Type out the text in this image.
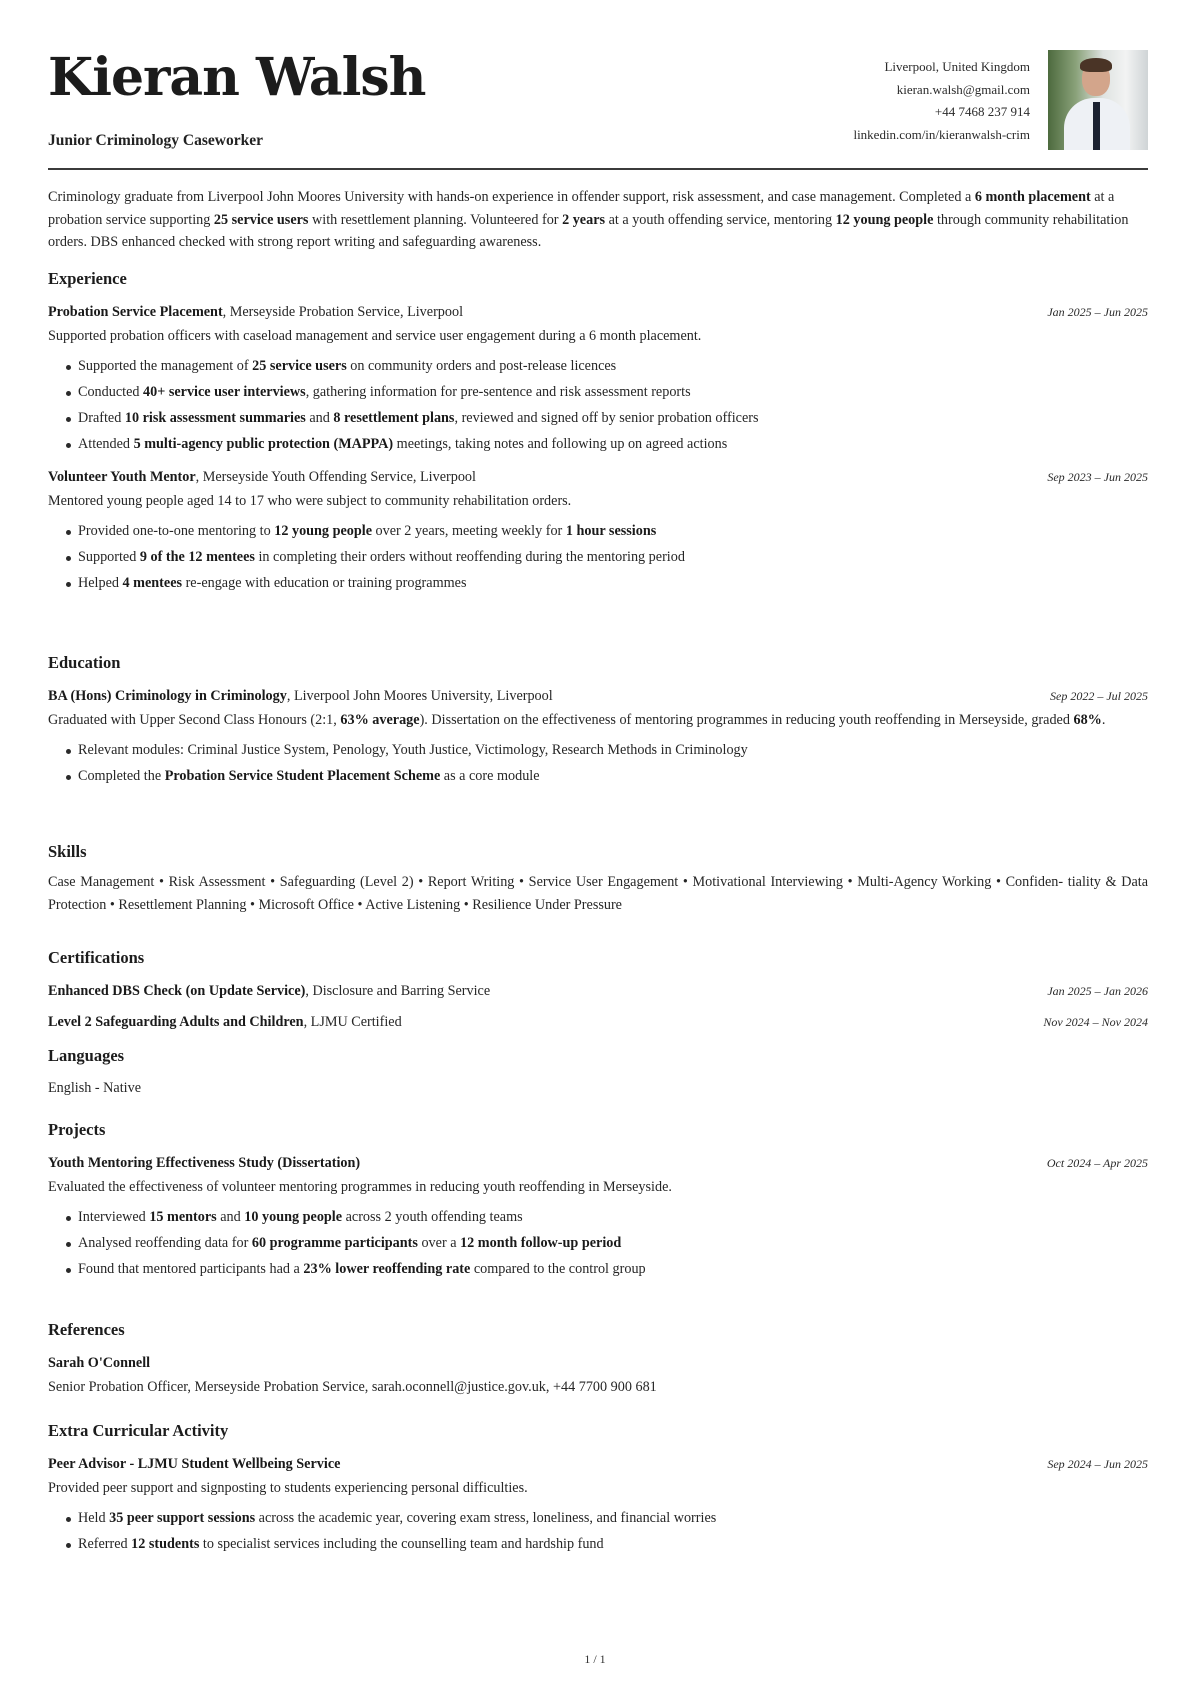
Kieran Walsh
Junior Criminology Caseworker
Liverpool, United Kingdom
kieran.walsh@gmail.com
+44 7468 237 914
linkedin.com/in/kieranwalsh-crim
Criminology graduate from Liverpool John Moores University with hands-on experience in offender support, risk assessment, and case management. Completed a 6 month placement at a probation service supporting 25 service users with resettlement planning. Volunteered for 2 years at a youth offending service, mentoring 12 young people through community rehabilitation orders. DBS enhanced checked with strong report writing and safeguarding awareness.
Experience
Probation Service Placement, Merseyside Probation Service, Liverpool	Jan 2025 – Jun 2025
Supported probation officers with caseload management and service user engagement during a 6 month placement.
Supported the management of 25 service users on community orders and post-release licences
Conducted 40+ service user interviews, gathering information for pre-sentence and risk assessment reports
Drafted 10 risk assessment summaries and 8 resettlement plans, reviewed and signed off by senior probation officers
Attended 5 multi-agency public protection (MAPPA) meetings, taking notes and following up on agreed actions
Volunteer Youth Mentor, Merseyside Youth Offending Service, Liverpool	Sep 2023 – Jun 2025
Mentored young people aged 14 to 17 who were subject to community rehabilitation orders.
Provided one-to-one mentoring to 12 young people over 2 years, meeting weekly for 1 hour sessions
Supported 9 of the 12 mentees in completing their orders without reoffending during the mentoring period
Helped 4 mentees re-engage with education or training programmes
Education
BA (Hons) Criminology in Criminology, Liverpool John Moores University, Liverpool	Sep 2022 – Jul 2025
Graduated with Upper Second Class Honours (2:1, 63% average). Dissertation on the effectiveness of mentoring programmes in reducing youth reoffending in Merseyside, graded 68%.
Relevant modules: Criminal Justice System, Penology, Youth Justice, Victimology, Research Methods in Criminology
Completed the Probation Service Student Placement Scheme as a core module
Skills
Case Management • Risk Assessment • Safeguarding (Level 2) • Report Writing • Service User Engagement • Motivational Interviewing • Multi-Agency Working • Confiden- tiality & Data Protection • Resettlement Planning • Microsoft Office • Active Listening • Resilience Under Pressure
Certifications
Enhanced DBS Check (on Update Service), Disclosure and Barring Service	Jan 2025 – Jan 2026
Level 2 Safeguarding Adults and Children, LJMU Certified	Nov 2024 – Nov 2024
Languages
English - Native
Projects
Youth Mentoring Effectiveness Study (Dissertation)	Oct 2024 – Apr 2025
Evaluated the effectiveness of volunteer mentoring programmes in reducing youth reoffending in Merseyside.
Interviewed 15 mentors and 10 young people across 2 youth offending teams
Analysed reoffending data for 60 programme participants over a 12 month follow-up period
Found that mentored participants had a 23% lower reoffending rate compared to the control group
References
Sarah O'Connell
Senior Probation Officer, Merseyside Probation Service, sarah.oconnell@justice.gov.uk, +44 7700 900 681
Extra Curricular Activity
Peer Advisor - LJMU Student Wellbeing Service	Sep 2024 – Jun 2025
Provided peer support and signposting to students experiencing personal difficulties.
Held 35 peer support sessions across the academic year, covering exam stress, loneliness, and financial worries
Referred 12 students to specialist services including the counselling team and hardship fund
1 / 1
